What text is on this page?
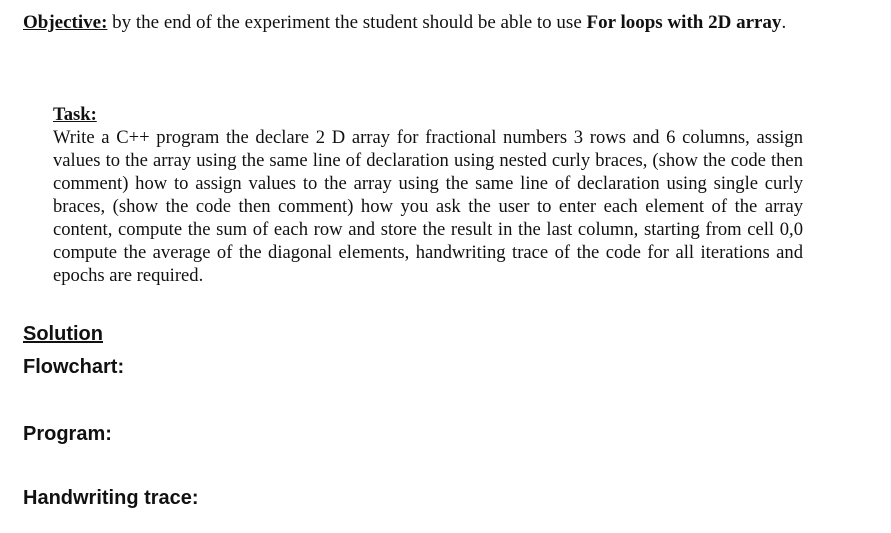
Objective: by the end of the experiment the student should be able to use For loops with 2D array.

Task:
Write a C++ program the declare 2 D array for fractional numbers 3 rows and 6 columns, assign values to the array using the same line of declaration using nested curly braces, (show the code then comment) how to assign values to the array using the same line of declaration using single curly braces, (show the code then comment) how you ask the user to enter each element of the array content, compute the sum of each row and store the result in the last column, starting from cell 0,0 compute the average of the diagonal elements, handwriting trace of the code for all iterations and epochs are required.
Solution
Flowchart:
Program:
Handwriting trace:
